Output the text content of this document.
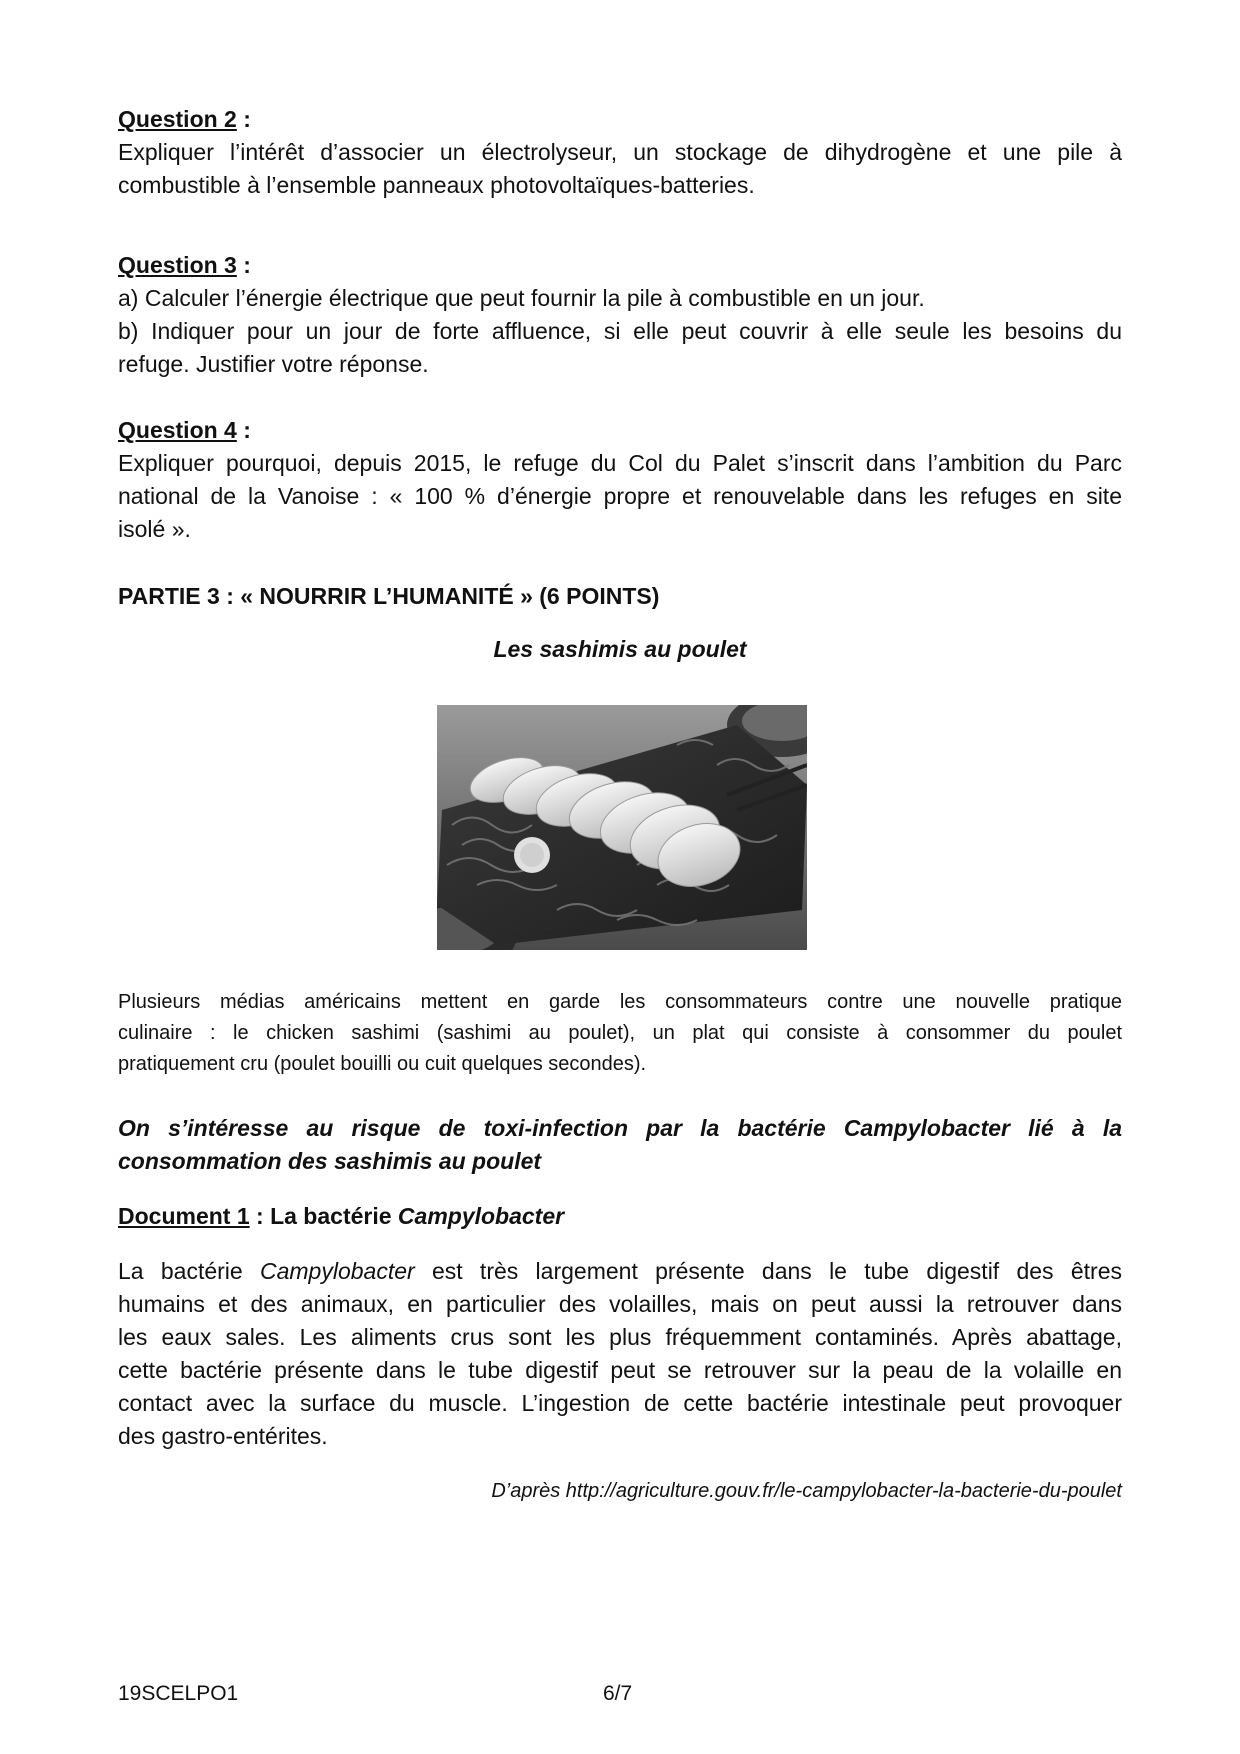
Question 2 :

Expliquer l’intérêt d’associer un électrolyseur, un stockage de dihydrogène et une pile à
combustible à l’ensemble panneaux photovoltaïques-batteries.

Question 3 :

a) Calculer l’énergie électrique que peut fournir la pile à combustible en un jour.
b) Indiquer pour un jour de forte affluence, si elle peut couvrir à elle seule les besoins du
refuge. Justifier votre réponse.

Question 4 :

Expliquer pourquoi, depuis 2015, le refuge du Col du Palet s’inscrit dans l’ambition du Parc
national de la Vanoise : « 100 % d’énergie propre et renouvelable dans les refuges en site
isolé ».

PARTIE 3 : « NOURRIR L’HUMANITÉ » (6 POINTS)

Les sashimis au poulet

Plusieurs médias américains mettent en garde les consommateurs contre une nouvelle pratique
culinaire : le chicken sashimi (sashimi au poulet), un plat qui consiste à consommer du poulet
pratiquement cru (poulet bouilli ou cuit quelques secondes).
On s’intéresse au risque de toxi-infection par la bactérie Campylobacter lié à la
consommation des sashimis au poulet

Document 1 : La bactérie Campylobacter

La bactérie Campylobacter est très largement présente dans le tube digestif des êtres
humains et des animaux, en particulier des volailles, mais on peut aussi la retrouver dans
les eaux sales. Les aliments crus sont les plus fréquemment contaminés. Après abattage,
cette bactérie présente dans le tube digestif peut se retrouver sur la peau de la volaille en
contact avec la surface du muscle. L’ingestion de cette bactérie intestinale peut provoquer
des gastro-entérites.

D’après http://agriculture.gouv.fr/le-campylobacter-la-bacterie-du-poulet

19SCELPO1	6/7
